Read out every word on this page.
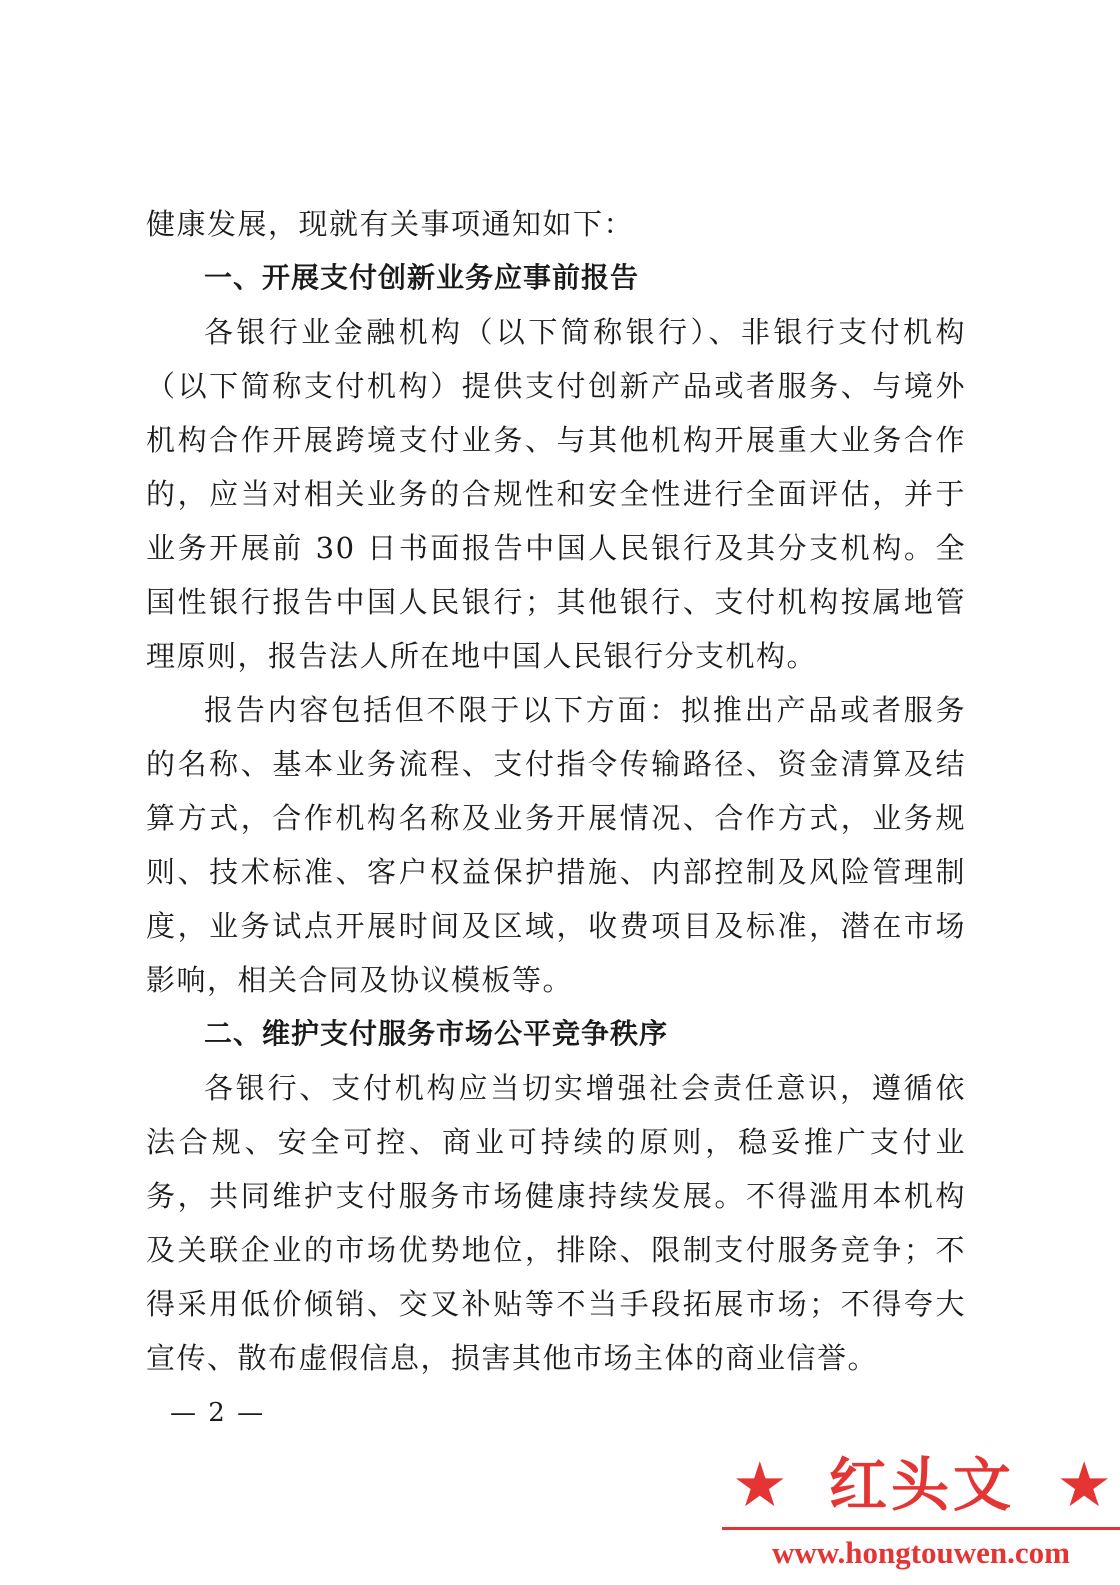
健康发展，现就有关事项通知如下：

一、开展支付创新业务应事前报告

各银行业金融机构（以下简称银行）、非银行支付机构（以下简称支付机构）提供支付创新产品或者服务、与境外机构合作开展跨境支付业务、与其他机构开展重大业务合作的，应当对相关业务的合规性和安全性进行全面评估，并于业务开展前 30 日书面报告中国人民银行及其分支机构。全国性银行报告中国人民银行；其他银行、支付机构按属地管理原则，报告法人所在地中国人民银行分支机构。

报告内容包括但不限于以下方面：拟推出产品或者服务的名称、基本业务流程、支付指令传输路径、资金清算及结算方式，合作机构名称及业务开展情况、合作方式，业务规则、技术标准、客户权益保护措施、内部控制及风险管理制度，业务试点开展时间及区域，收费项目及标准，潜在市场影响，相关合同及协议模板等。

二、维护支付服务市场公平竞争秩序

各银行、支付机构应当切实增强社会责任意识，遵循依法合规、安全可控、商业可持续的原则，稳妥推广支付业务，共同维护支付服务市场健康持续发展。不得滥用本机构及关联企业的市场优势地位，排除、限制支付服务竞争；不得采用低价倾销、交叉补贴等不当手段拓展市场；不得夸大宣传、散布虚假信息，损害其他市场主体的商业信誉。

— 2 —
★ 红头文 ★
www.hongtouwen.com
